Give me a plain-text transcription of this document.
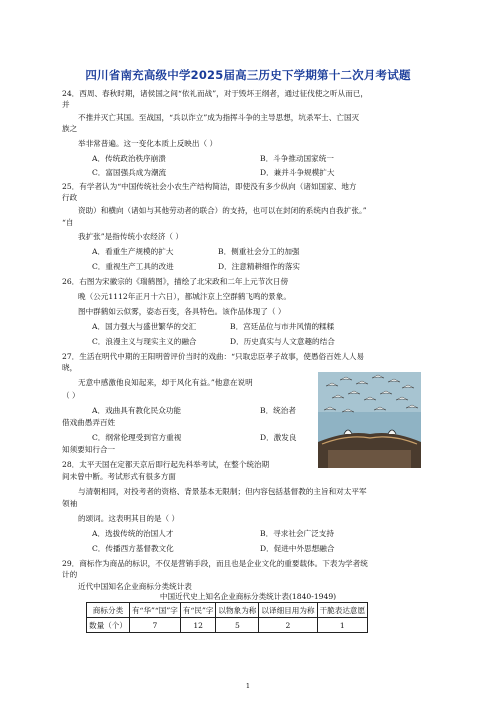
四川省南充高级中学2025届高三历史下学期第十二次月考试题
24．西周、春秋时期，诸侯国之间“依礼而战”，对于毁坏王纲者，通过征伐使之听从而已，
并
不推并灭亡其国。至战国，“兵以诈立”成为指挥斗争的主导思想，坑杀军士、亡国灭
族之
举非常普遍。这一变化本质上反映出（ ）
A．传统政治秩序崩溃	B．斗争推动国家统一
C．富国强兵成为潮流	D．兼并斗争规模扩大
25．有学者认为“中国传统社会小农生产结构简洁，即使没有多少纵向（诸如国家、地方
行政
资助）和横向（诸如与其他劳动者的联合）的支持，也可以在封闭的系统内自我扩张。”
“自
我扩张”是指传统小农经济（ ）
A．看重生产规模的扩大	B．侧重社会分工的加强
C．重视生产工具的改进	D．注意精耕细作的落实
26．右图为宋徽宗的《瑞鹤图》，描绘了北宋政和二年上元节次日傍
晚（公元1112年正月十六日），都城汴京上空群鹤飞鸣的景象。
图中群鹤如云似雾，姿态百变，各具特色。该作品体现了（ ）
A．国力强大与盛世繁华的交汇	B．宫廷品位与市井风情的糅糅
C．浪漫主义与现实主义的融合	D．历史真实与人文意趣的结合
27．生活在明代中期的王阳明曾评价当时的戏曲：“只取忠臣孝子故事，使愚俗百姓人人易
晓，
无意中感激他良知起来，却于风化有益。”他意在说明
（ ）
A．戏曲具有教化民众功能	B．统治者
借戏曲愚弄百姓
C．纲常伦理受到官方重视	D．激发良
知须要知行合一
28．太平天国在定都天京后即行起先科举考试，在整个统治期
间未曾中断。考试形式有很多方面
与清朝相同，对投考者的资格、背景基本无限制；但内容包括基督教的主旨和对太平军
领袖
的颂词。这表明其目的是（ ）
A．选拔传统的治国人才	B．寻求社会广泛支持
C．传播西方基督教文化	D．促进中外思想融合
29．商标作为商品的标识，不仅是营销手段，而且也是企业文化的重要载体。下表为学者统
计的
近代中国知名企业商标分类统计表
中国近代史上知名企业商标分类统计表(1840-1949)
商标分类	有“华”“国”字	有“民”字	以物象为称	以译细目用为称	干脆表达意愿
数量（个）	7	12	5	2	1
1
